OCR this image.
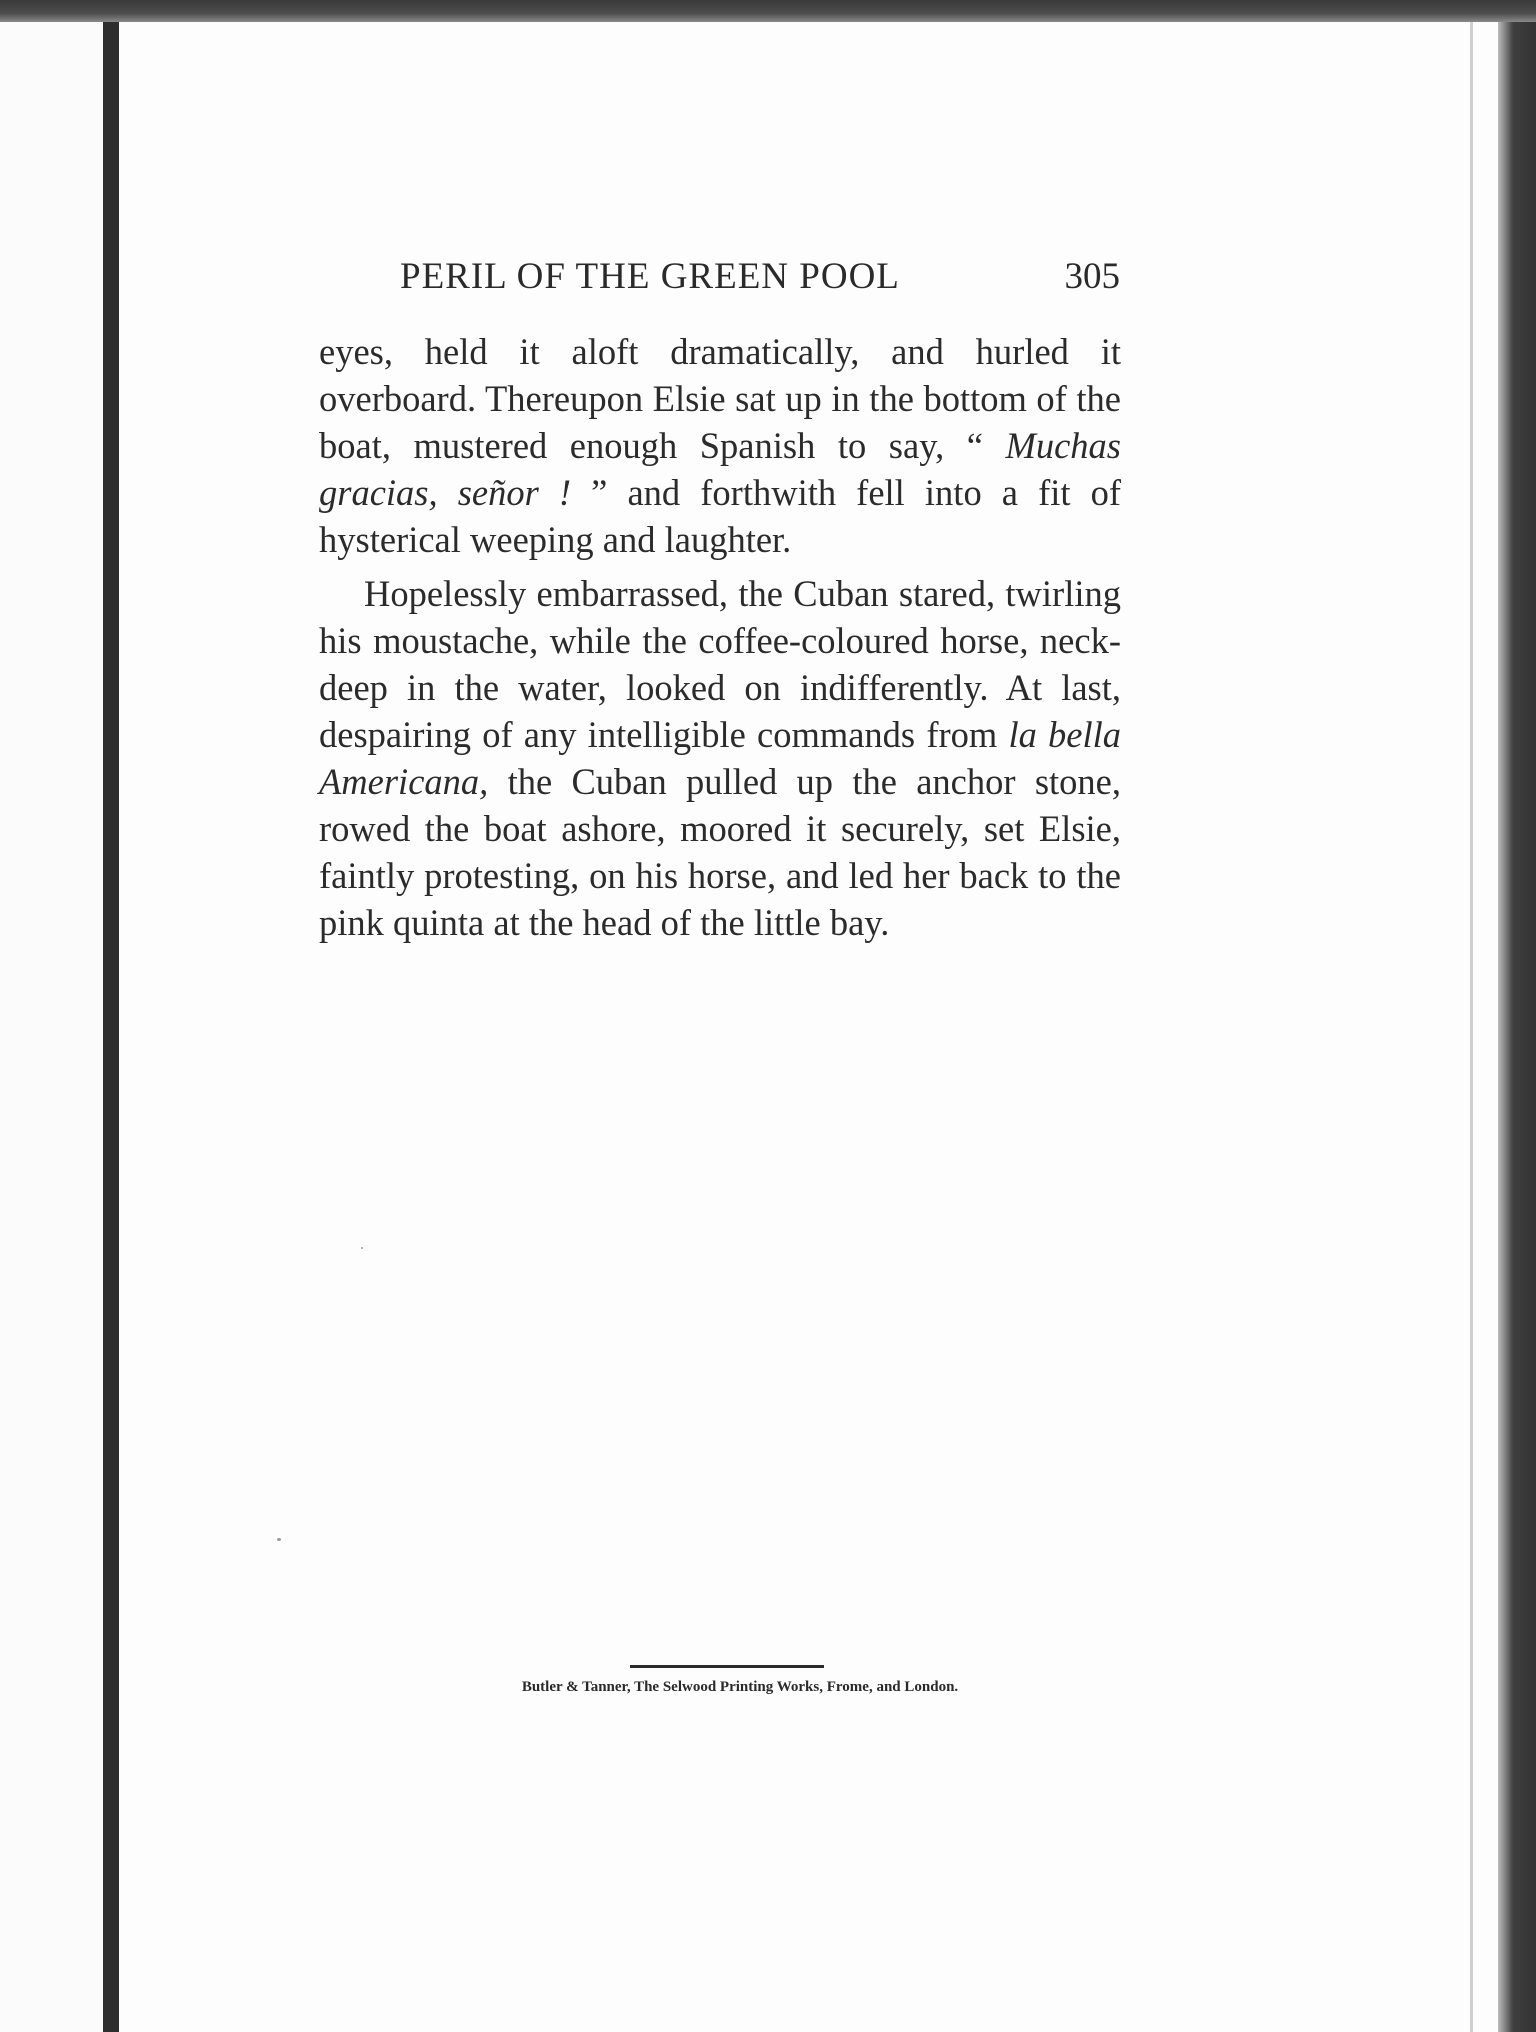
PERIL OF THE GREEN POOL	305

eyes, held it aloft dramatically, and hurled it overboard. Thereupon Elsie sat up in the bottom of the boat, mustered enough Spanish to say, “ Muchas gracias, señor ! ” and forthwith fell into a fit of hysterical weeping and laughter.

Hopelessly embarrassed, the Cuban stared, twirling his moustache, while the coffee-coloured horse, neck-deep in the water, looked on indifferently. At last, despairing of any intelligible commands from la bella Americana, the Cuban pulled up the anchor stone, rowed the boat ashore, moored it securely, set Elsie, faintly protesting, on his horse, and led her back to the pink quinta at the head of the little bay.

Butler & Tanner, The Selwood Printing Works, Frome, and London.
